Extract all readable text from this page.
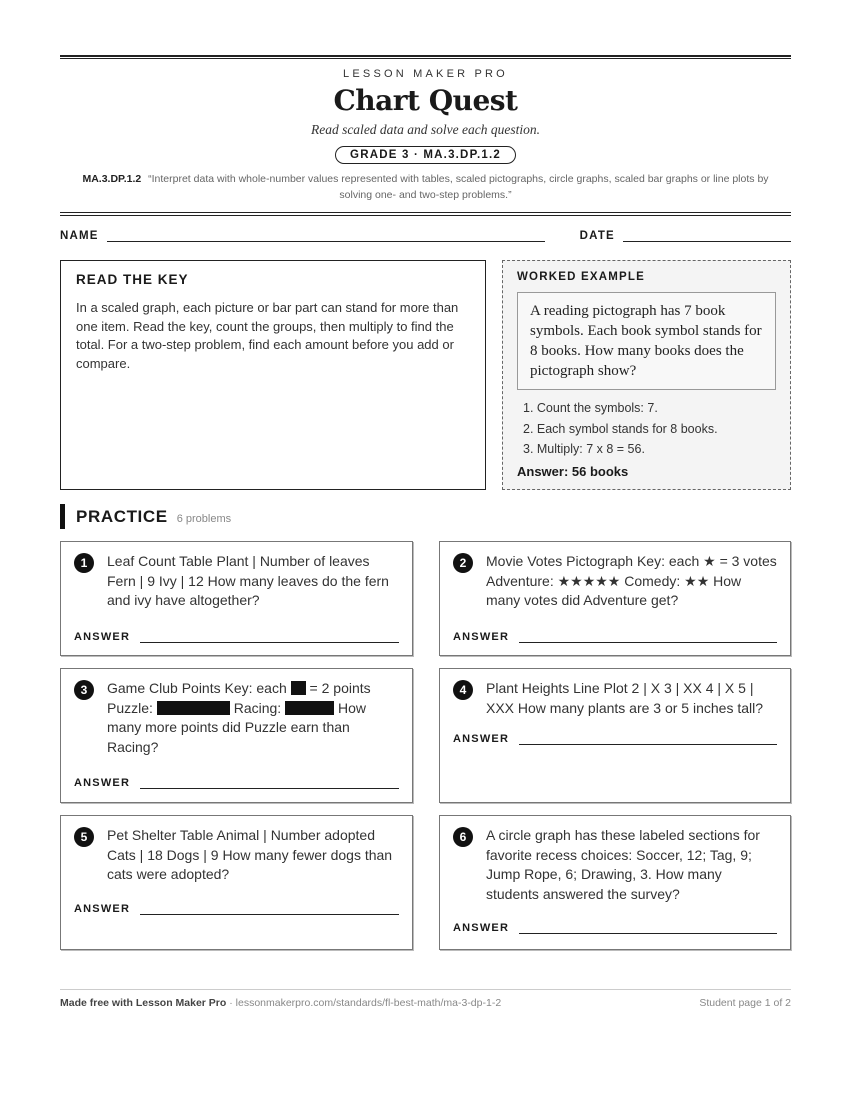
LESSON MAKER PRO
Chart Quest
Read scaled data and solve each question.
GRADE 3 · MA.3.DP.1.2
MA.3.DP.1.2 “Interpret data with whole-number values represented with tables, scaled pictographs, circle graphs, scaled bar graphs or line plots by solving one- and two-step problems.”
NAME	DATE
READ THE KEY
In a scaled graph, each picture or bar part can stand for more than one item. Read the key, count the groups, then multiply to find the total. For a two-step problem, find each amount before you add or compare.
WORKED EXAMPLE
A reading pictograph has 7 book symbols. Each book symbol stands for 8 books. How many books does the pictograph show?
1. Count the symbols: 7.
2. Each symbol stands for 8 books.
3. Multiply: 7 x 8 = 56.
Answer: 56 books
PRACTICE 6 problems
1	Leaf Count Table Plant | Number of leaves Fern | 9 Ivy | 12 How many leaves do the fern and ivy have altogether?
ANSWER
2	Movie Votes Pictograph Key: each ★ = 3 votes Adventure: ★★★★★ Comedy: ★★ How many votes did Adventure get?
ANSWER
3	Game Club Points Key: each = 2 points Puzzle:	Racing:	How many more points did Puzzle earn than Racing?
ANSWER
4	Plant Heights Line Plot 2 | X 3 | XX 4 | X 5 | XXX How many plants are 3 or 5 inches tall?
ANSWER
5	Pet Shelter Table Animal | Number adopted Cats | 18 Dogs | 9 How many fewer dogs than cats were adopted?
ANSWER
6	A circle graph has these labeled sections for favorite recess choices: Soccer, 12; Tag, 9; Jump Rope, 6; Drawing, 3. How many students answered the survey?
ANSWER
Made free with Lesson Maker Pro · lessonmakerpro.com/standards/fl-best-math/ma-3-dp-1-2	Student page 1 of 2
